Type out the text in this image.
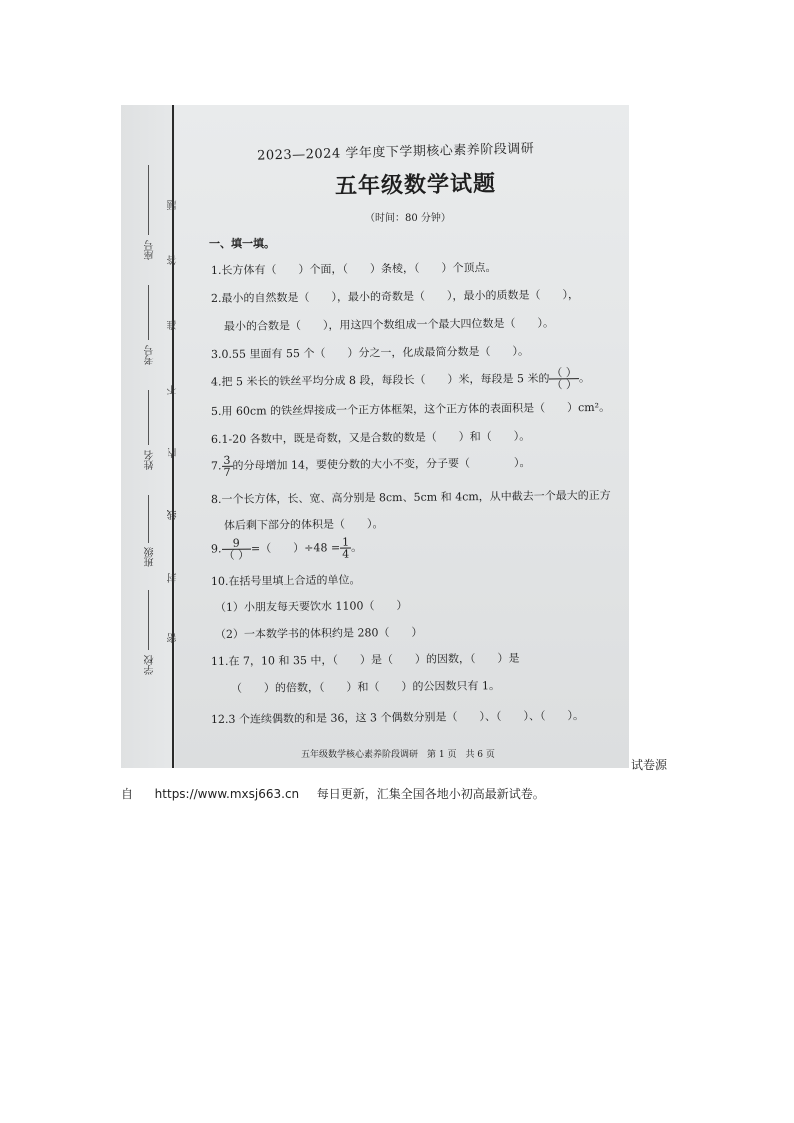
座号
考号
姓名
班级
学校
题
答
准
不
内
线
封
密
2023—2024 学年度下学期核心素养阶段调研
五年级数学试题
（时间：80 分钟）
一、填一填。
1.长方体有（　　）个面，（　　）条棱，（　　）个顶点。
2.最小的自然数是（　　），最小的奇数是（　　），最小的质数是（　　），
最小的合数是（　　），用这四个数组成一个最大四位数是（　　）。
3.0.55 里面有 55 个（　　）分之一，化成最简分数是（　　）。
4.把 5 米长的铁丝平均分成 8 段，每段长（　　）米，每段是 5 米的 $\frac{( )}{( )}$ 。
5.用 60cm 的铁丝焊接成一个正方体框架，这个正方体的表面积是（　　）cm²。
6.1-20 各数中，既是奇数，又是合数的数是（　　）和（　　）。
7. $\frac{3}{7}$ 的分母增加 14，要使分数的大小不变，分子要（　　　　）。
8.一个长方体，长、宽、高分别是 8cm、5cm 和 4cm，从中截去一个最大的正方
体后剩下部分的体积是（　　）。
9. $\frac{9}{( )}$ =（　　）$\div 48 = \frac{1}{4}$ 。
10.在括号里填上合适的单位。
（1）小朋友每天要饮水 1100（　　）
（2）一本数学书的体积约是 280（　　）
11.在 7，10 和 35 中，（　　）是（　　）的因数，（　　）是
（　　）的倍数，（　　）和（　　）的公因数只有 1。
12.3 个连续偶数的和是 36，这 3 个偶数分别是（　　）、（　　）、（　　）。
五年级数学核心素养阶段调研　第 1 页　共 6 页
试卷源
自 https://www.mxsj663.cn 每日更新，汇集全国各地小初高最新试卷。
